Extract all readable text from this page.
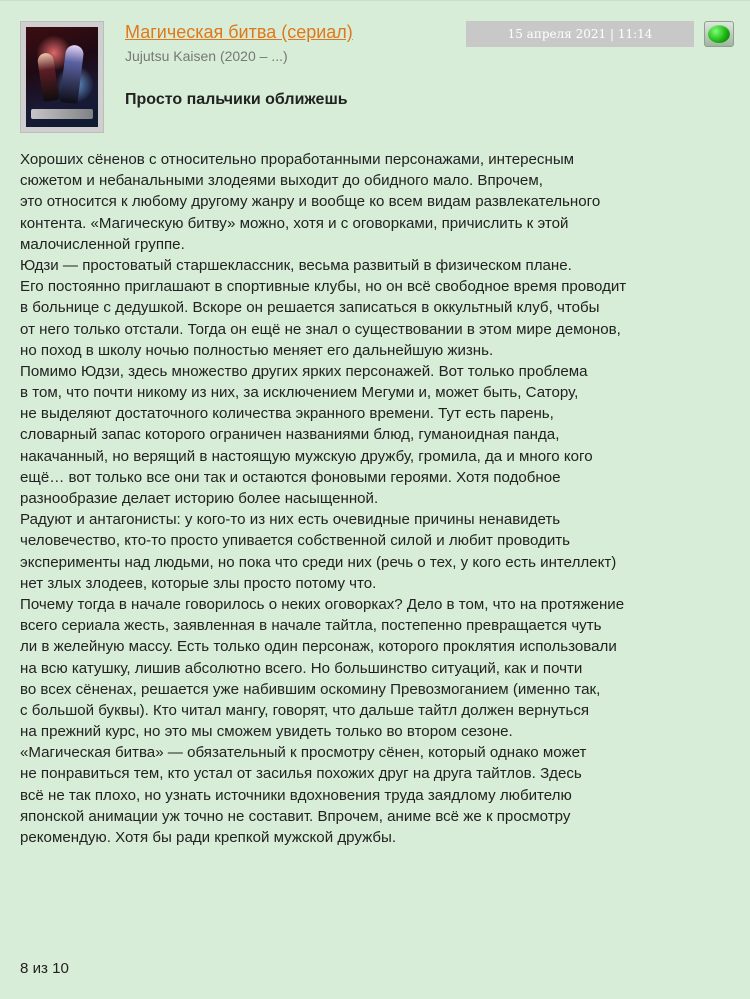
Магическая битва (сериал)
Jujutsu Kaisen (2020 – ...)
15 апреля 2021 | 11:14
Просто пальчики оближешь

Хороших сёненов с относительно проработанными персонажами, интересным
сюжетом и небанальными злодеями выходит до обидного мало. Впрочем,
это относится к любому другому жанру и вообще ко всем видам развлекательного
контента. «Магическую битву» можно, хотя и с оговорками, причислить к этой
малочисленной группе.

Юдзи — простоватый старшеклассник, весьма развитый в физическом плане.
Его постоянно приглашают в спортивные клубы, но он всё свободное время проводит
в больнице с дедушкой. Вскоре он решается записаться в оккультный клуб, чтобы
от него только отстали. Тогда он ещё не знал о существовании в этом мире демонов,
но поход в школу ночью полностью меняет его дальнейшую жизнь.

Помимо Юдзи, здесь множество других ярких персонажей. Вот только проблема
в том, что почти никому из них, за исключением Мегуми и, может быть, Сатору,
не выделяют достаточного количества экранного времени. Тут есть парень,
словарный запас которого ограничен названиями блюд, гуманоидная панда,
накачанный, но верящий в настоящую мужскую дружбу, громила, да и много кого
ещё… вот только все они так и остаются фоновыми героями. Хотя подобное
разнообразие делает историю более насыщенной.

Радуют и антагонисты: у кого-то из них есть очевидные причины ненавидеть
человечество, кто-то просто упивается собственной силой и любит проводить
эксперименты над людьми, но пока что среди них (речь о тех, у кого есть интеллект)
нет злых злодеев, которые злы просто потому что.

Почему тогда в начале говорилось о неких оговорках? Дело в том, что на протяжение
всего сериала жесть, заявленная в начале тайтла, постепенно превращается чуть
ли в желейную массу. Есть только один персонаж, которого проклятия использовали
на всю катушку, лишив абсолютно всего. Но большинство ситуаций, как и почти
во всех сёненах, решается уже набившим оскомину Превозмоганием (именно так,
с большой буквы). Кто читал мангу, говорят, что дальше тайтл должен вернуться
на прежний курс, но это мы сможем увидеть только во втором сезоне.

«Магическая битва» — обязательный к просмотру сёнен, который однако может
не понравиться тем, кто устал от засилья похожих друг на друга тайтлов. Здесь
всё не так плохо, но узнать источники вдохновения труда заядлому любителю
японской анимации уж точно не составит. Впрочем, аниме всё же к просмотру
рекомендую. Хотя бы ради крепкой мужской дружбы.

8 из 10
